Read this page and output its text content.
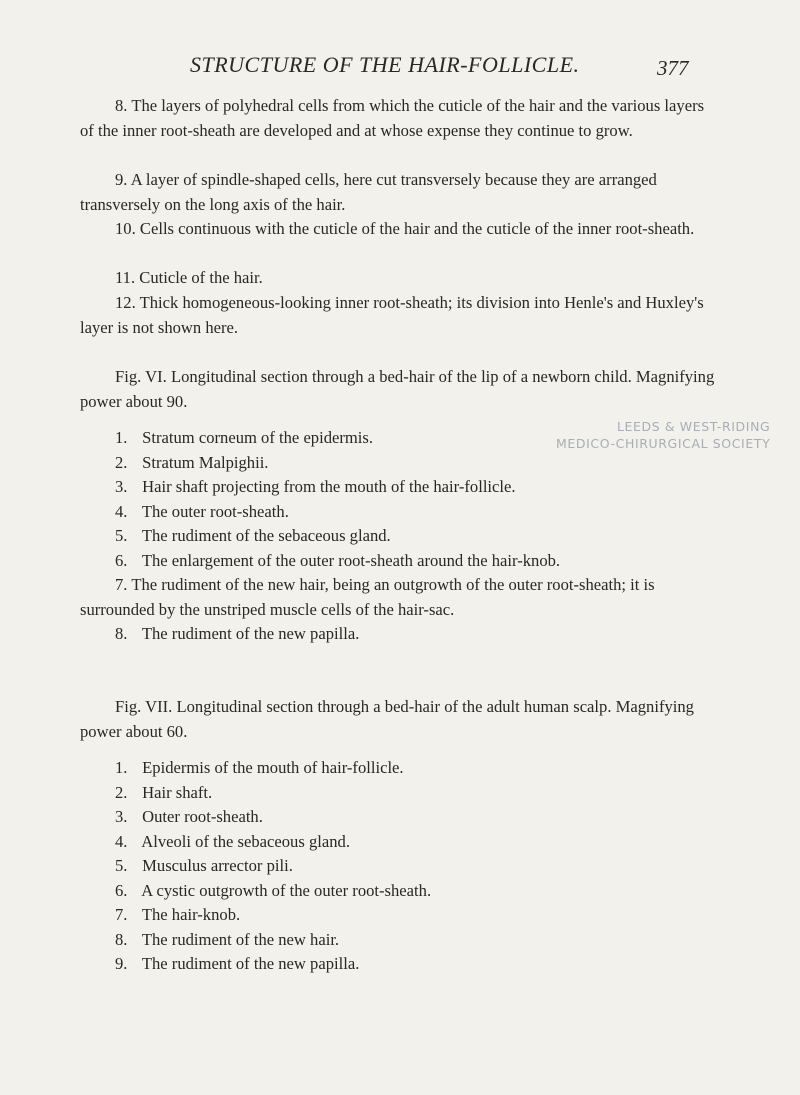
STRUCTURE OF THE HAIR-FOLLICLE.	377
8. The layers of polyhedral cells from which the cuticle of the hair and the various layers of the inner root-sheath are developed and at whose expense they continue to grow.
9. A layer of spindle-shaped cells, here cut transversely because they are arranged transversely on the long axis of the hair.
10. Cells continuous with the cuticle of the hair and the cuticle of the inner root-sheath.
11. Cuticle of the hair.
12. Thick homogeneous-looking inner root-sheath; its division into Henle's and Huxley's layer is not shown here.
Fig. VI. Longitudinal section through a bed-hair of the lip of a newborn child. Magnifying power about 90.
1. Stratum corneum of the epidermis.
2. Stratum Malpighii.
3. Hair shaft projecting from the mouth of the hair-follicle.
4. The outer root-sheath.
5. The rudiment of the sebaceous gland.
6. The enlargement of the outer root-sheath around the hair-knob.
7. The rudiment of the new hair, being an outgrowth of the outer root-sheath; it is surrounded by the unstriped muscle cells of the hair-sac.
8. The rudiment of the new papilla.
LEEDS & WEST-RIDING
MEDICO-CHIRURGICAL SOCIETY
Fig. VII. Longitudinal section through a bed-hair of the adult human scalp. Magnifying power about 60.
1. Epidermis of the mouth of hair-follicle.
2. Hair shaft.
3. Outer root-sheath.
4. Alveoli of the sebaceous gland.
5. Musculus arrector pili.
6. A cystic outgrowth of the outer root-sheath.
7. The hair-knob.
8. The rudiment of the new hair.
9. The rudiment of the new papilla.
